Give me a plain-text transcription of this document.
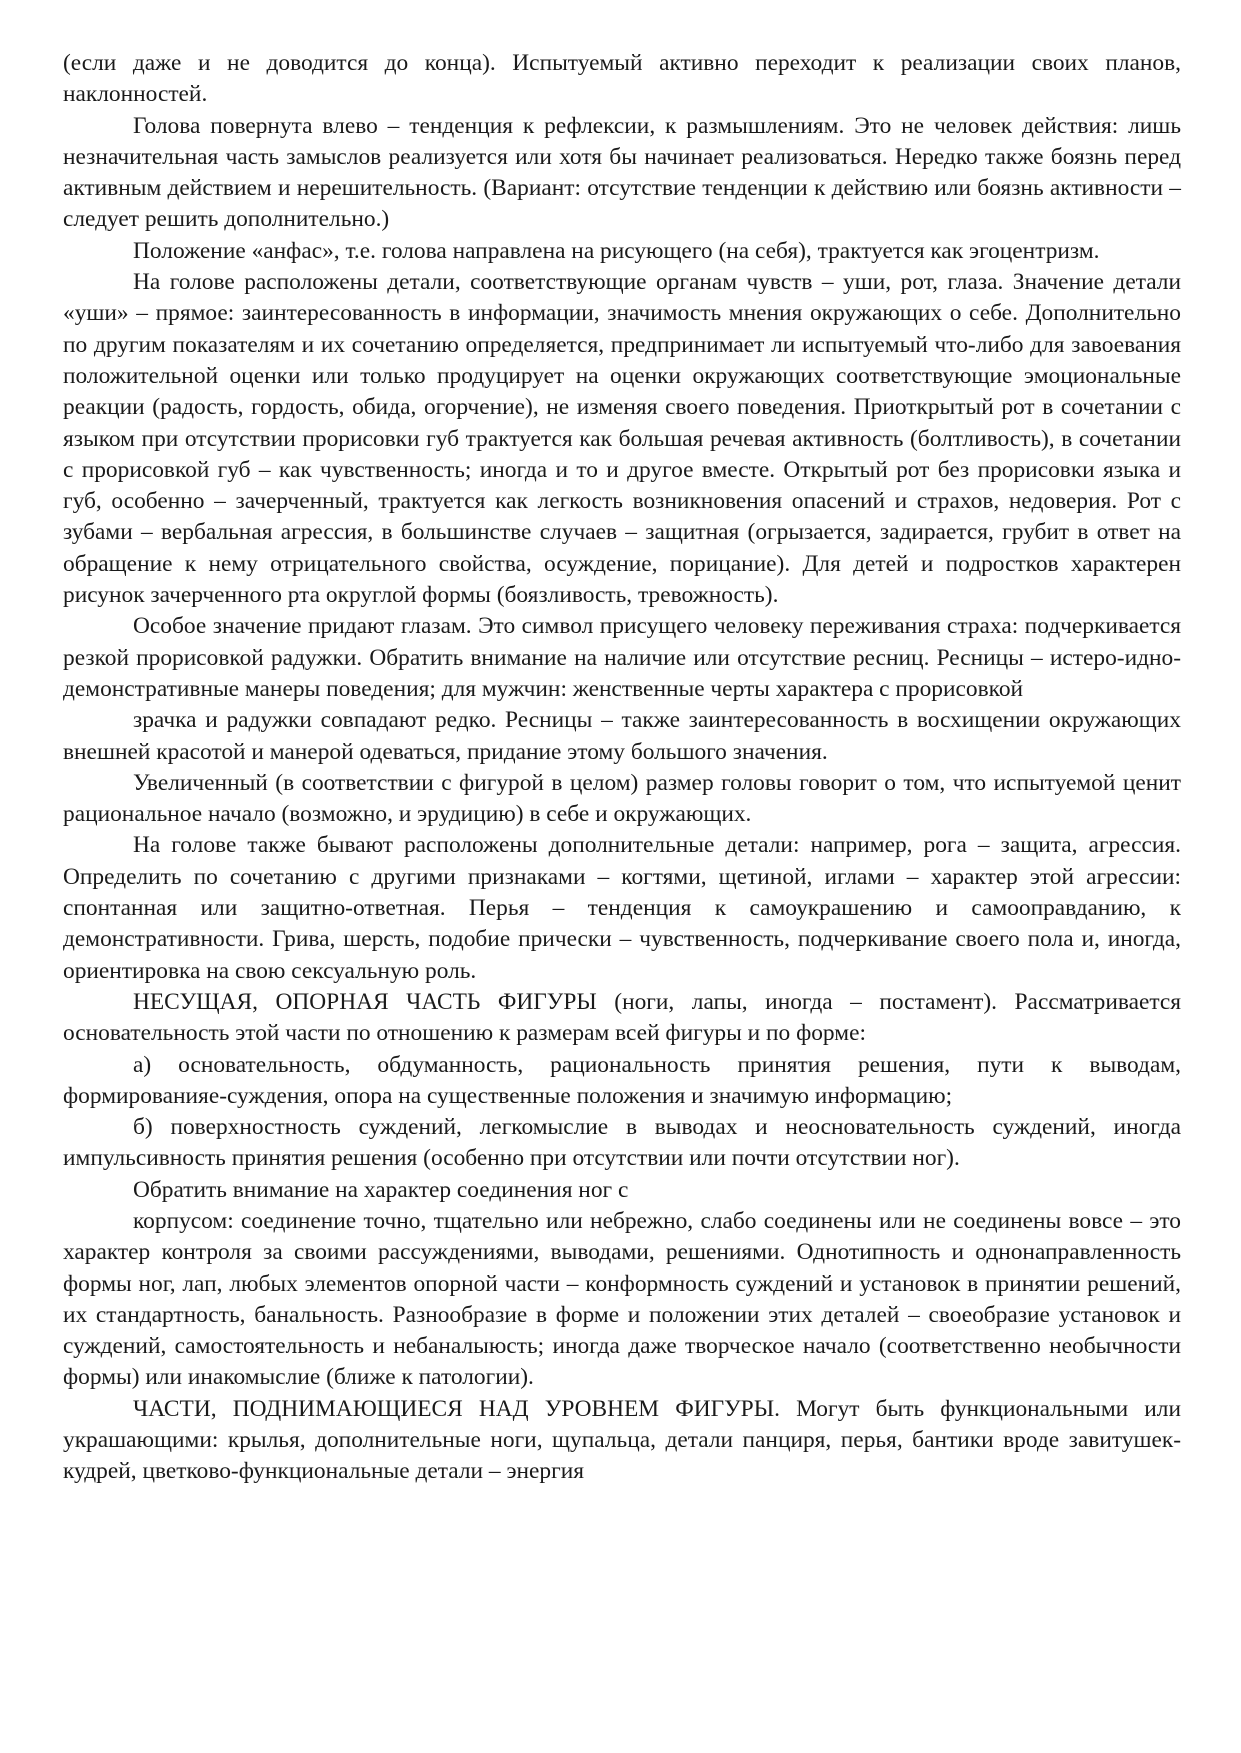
(если даже и не доводится до конца). Испытуемый активно переходит к реализации своих планов, наклонностей.

Голова повернута влево – тенденция к рефлексии, к размышлениям. Это не человек действия: лишь незначительная часть замыслов реализуется или хотя бы начинает реализоваться. Нередко также боязнь перед активным действием и нерешительность. (Вариант: отсутствие тенденции к действию или боязнь активности – следует решить дополнительно.)

Положение «анфас», т.е. голова направлена на рисующего (на себя), трактуется как эгоцентризм.

На голове расположены детали, соответствующие органам чувств – уши, рот, глаза. Значение детали «уши» – прямое: заинтересованность в информации, значимость мнения окружающих о себе. Дополнительно по другим показателям и их сочетанию определяется, предпринимает ли испытуемый что-либо для завоевания положительной оценки или только продуцирует на оценки окружающих соответствующие эмоциональные реакции (радость, гордость, обида, огорчение), не изменяя своего поведения. Приоткрытый рот в сочетании с языком при отсутствии прорисовки губ трактуется как большая речевая активность (болтливость), в сочетании с прорисовкой губ – как чувственность; иногда и то и другое вместе. Открытый рот без прорисовки языка и губ, особенно – зачерченный, трактуется как легкость возникновения опасений и страхов, недоверия. Рот с зубами – вербальная агрессия, в большинстве случаев – защитная (огрызается, задирается, грубит в ответ на обращение к нему отрицательного свойства, осуждение, порицание). Для детей и подростков характерен рисунок зачерченного рта округлой формы (боязливость, тревожность).

Особое значение придают глазам. Это символ присущего человеку переживания страха: подчеркивается резкой прорисовкой радужки. Обратить внимание на наличие или отсутствие ресниц. Ресницы – истеро-идно-демонстративные манеры поведения; для мужчин: женственные черты характера с прорисовкой

зрачка и радужки совпадают редко. Ресницы – также заинтересованность в восхищении окружающих внешней красотой и манерой одеваться, придание этому большого значения.

Увеличенный (в соответствии с фигурой в целом) размер головы говорит о том, что испытуемой ценит рациональное начало (возможно, и эрудицию) в себе и окружающих.

На голове также бывают расположены дополнительные детали: например, рога – защита, агрессия. Определить по сочетанию с другими признаками – когтями, щетиной, иглами – характер этой агрессии: спонтанная или защитно-ответная. Перья – тенденция к самоукрашению и самооправданию, к демонстративности. Грива, шерсть, подобие прически – чувственность, подчеркивание своего пола и, иногда, ориентировка на свою сексуальную роль.

НЕСУЩАЯ, ОПОРНАЯ ЧАСТЬ ФИГУРЫ (ноги, лапы, иногда – постамент). Рассматривается основательность этой части по отношению к размерам всей фигуры и по форме:

а) основательность, обдуманность, рациональность принятия решения, пути к выводам, формированияе-суждения, опора на существенные положения и значимую информацию;

б) поверхностность суждений, легкомыслие в выводах и неосновательность суждений, иногда импульсивность принятия решения (особенно при отсутствии или почти отсутствии ног).

Обратить внимание на характер соединения ног с

корпусом: соединение точно, тщательно или небрежно, слабо соединены или не соединены вовсе – это характер контроля за своими рассуждениями, выводами, решениями. Однотипность и однонаправленность формы ног, лап, любых элементов опорной части – конформность суждений и установок в принятии решений, их стандартность, банальность. Разнообразие в форме и положении этих деталей – своеобразие установок и суждений, самостоятельность и небаналыюсть; иногда даже творческое начало (соответственно необычности формы) или инакомыслие (ближе к патологии).

ЧАСТИ, ПОДНИМАЮЩИЕСЯ НАД УРОВНЕМ ФИГУРЫ. Могут быть функциональными или украшающими: крылья, дополнительные ноги, щупальца, детали панциря, перья, бантики вроде завитушек-кудрей, цветково-функциональные детали – энергия
